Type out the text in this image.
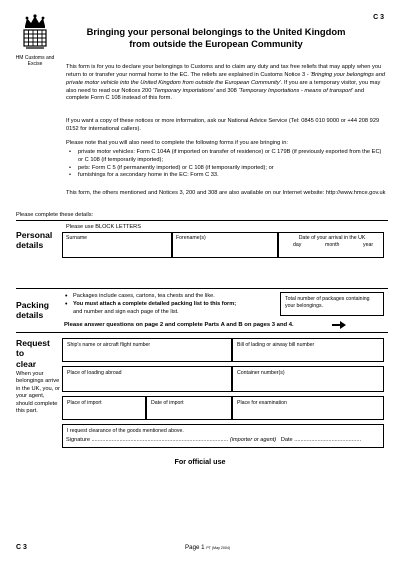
HM Customs and Excise
C 3
Bringing your personal belongings to the United Kingdom
from outside the European Community
This form is for you to declare your belongings to Customs and to claim any duty and tax free reliefs that may apply when you return to or transfer your normal home to the EC. The reliefs are explained in Customs Notice 3 - 'Bringing your belongings and private motor vehicle into the United Kingdom from outside the European Community'. If you are a temporary visitor, you may also need to read our Notices 200 'Temporary importations' and 308 'Temporary Importations - means of transport' and complete Form C 108 instead of this form.
If you want a copy of these notices or more information, ask our National Advice Service (Tel: 0845 010 9000 or +44 208 929 0152 for international callers).
Please note that you will also need to complete the following forms if you are bringing in:
• private motor vehicles: Form C 104A (if imported on transfer of residence) or C 179B (if previously exported from the EC) or C 108 (if temporarily imported);
• pets: Form C 5 (if permanently imported) or C 108 (if temporarily imported); or
• furnishings for a secondary home in the EC: Form C 33.
This form, the others mentioned and Notices 3, 200 and 308 are also available on our Internet website: http://www.hmce.gov.uk
Please complete these details:
Personal
details
Please use BLOCK LETTERS
Surname	Forename(s)	Date of your arrival in the UK
day	month	year
Packing
details
• Packages include cases, cartons, tea chests and the like.
• You must attach a complete detailed packing list to this form;
and number and sign each page of the list.
Total number of packages containing your belongings.
Please answer questions on page 2 and complete Parts A and B on pages 3 and 4.
Request
to
clear
When your belongings arrive in the UK, you, or your agent, should complete this part.
Ship's name or aircraft flight number	Bill of lading or airway bill number
Place of loading abroad	Container number(s)
Place of import	Date of import	Place for examination
I request clearance of the goods mentioned above.
Signature ........................................................................................ (importer or agent) Date ...........................................
For official use
C 3	Page 1 PT (May 2004)
